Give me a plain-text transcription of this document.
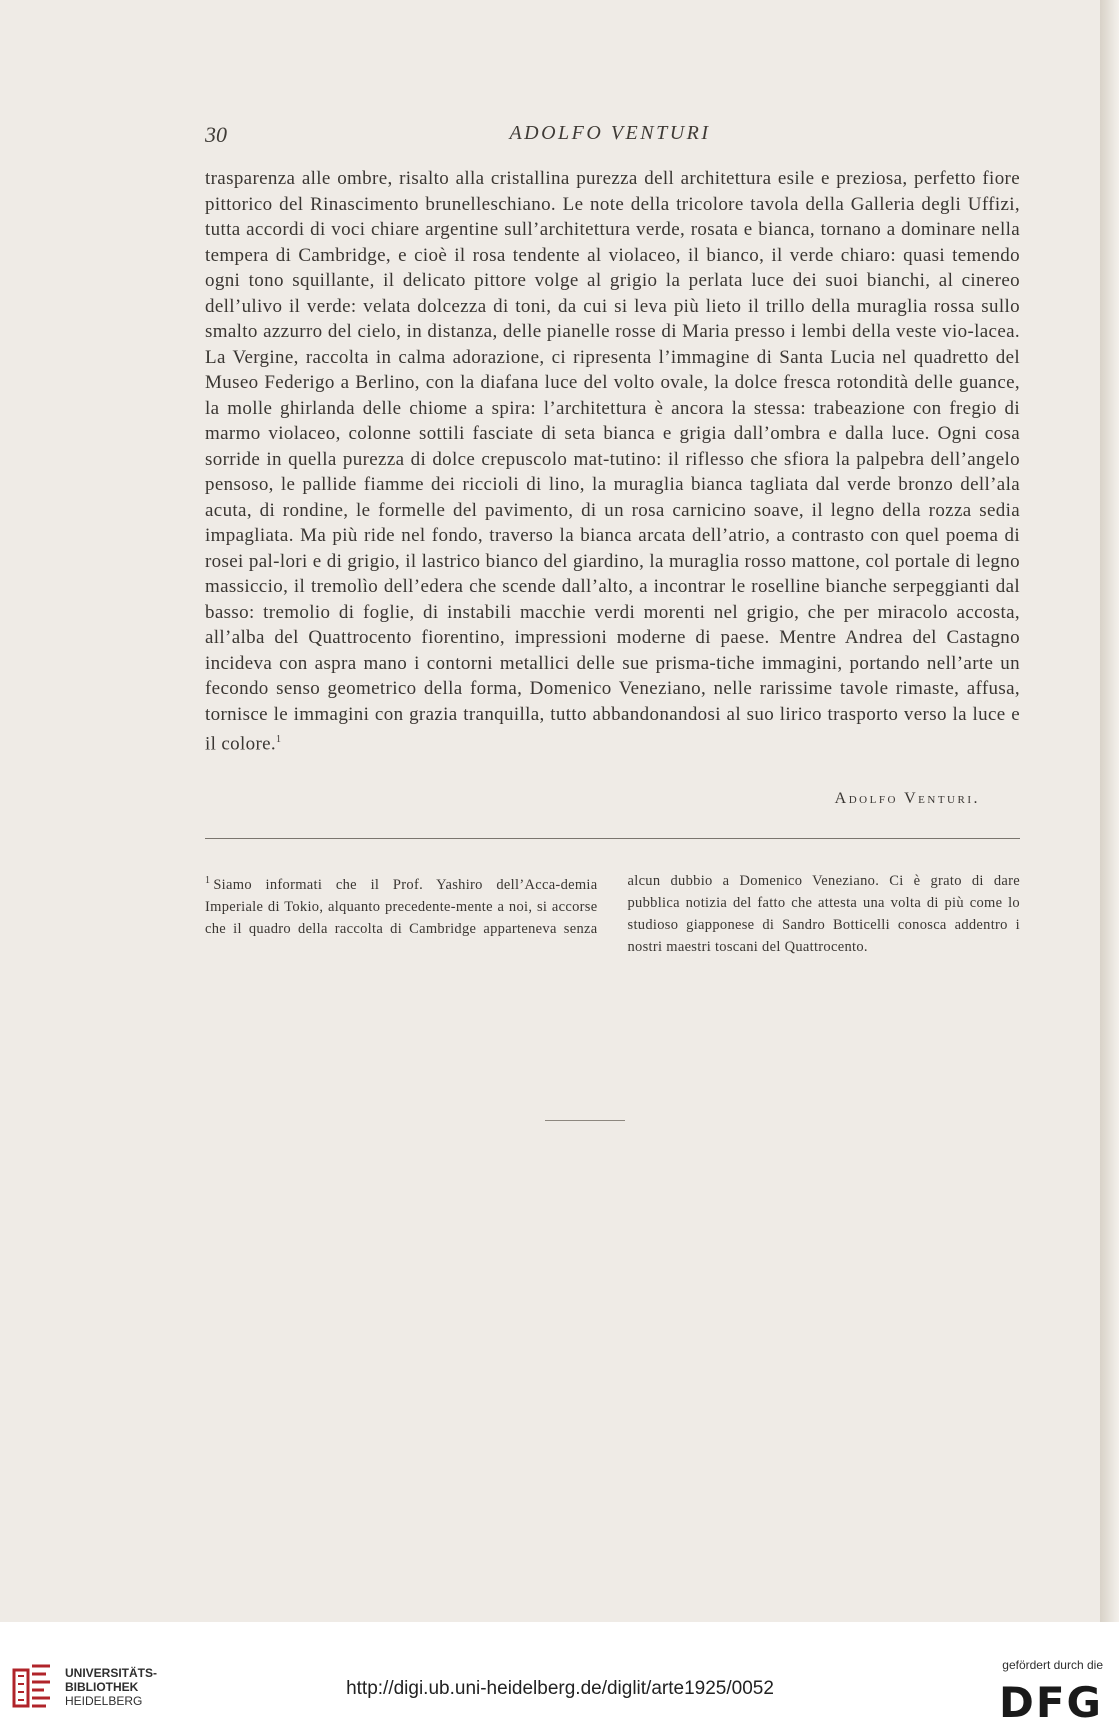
30	ADOLFO VENTURI

trasparenza alle ombre, risalto alla cristallina purezza dell architettura esile e preziosa, perfetto fiore pittorico del Rinascimento brunelleschiano. Le note della tricolore tavola della Galleria degli Uffizi, tutta accordi di voci chiare argentine sull’architettura verde, rosata e bianca, tornano a dominare nella tempera di Cambridge, e cioè il rosa tendente al violaceo, il bianco, il verde chiaro: quasi temendo ogni tono squillante, il delicato pittore volge al grigio la perlata luce dei suoi bianchi, al cinereo dell’ulivo il verde: velata dolcezza di toni, da cui si leva più lieto il trillo della muraglia rossa sullo smalto azzurro del cielo, in distanza, delle pianelle rosse di Maria presso i lembi della veste vio-lacea. La Vergine, raccolta in calma adorazione, ci ripresenta l’immagine di Santa Lucia nel quadretto del Museo Federigo a Berlino, con la diafana luce del volto ovale, la dolce fresca rotondità delle guance, la molle ghirlanda delle chiome a spira: l’architettura è ancora la stessa: trabeazione con fregio di marmo violaceo, colonne sottili fasciate di seta bianca e grigia dall’ombra e dalla luce. Ogni cosa sorride in quella purezza di dolce crepuscolo mat-tutino: il riflesso che sfiora la palpebra dell’angelo pensoso, le pallide fiamme dei riccioli di lino, la muraglia bianca tagliata dal verde bronzo dell’ala acuta, di rondine, le formelle del pavimento, di un rosa carnicino soave, il legno della rozza sedia impagliata. Ma più ride nel fondo, traverso la bianca arcata dell’atrio, a contrasto con quel poema di rosei pal-lori e di grigio, il lastrico bianco del giardino, la muraglia rosso mattone, col portale di legno massiccio, il tremolìo dell’edera che scende dall’alto, a incontrar le roselline bianche serpeggianti dal basso: tremolio di foglie, di instabili macchie verdi morenti nel grigio, che per miracolo accosta, all’alba del Quattrocento fiorentino, impressioni moderne di paese. Mentre Andrea del Castagno incideva con aspra mano i contorni metallici delle sue prisma-tiche immagini, portando nell’arte un fecondo senso geometrico della forma, Domenico Veneziano, nelle rarissime tavole rimaste, affusa, tornisce le immagini con grazia tranquilla, tutto abbandonandosi al suo lirico trasporto verso la luce e il colore.$^1$

Adolfo Venturi.

$^1$ Siamo informati che il Prof. Yashiro dell’Acca-demia Imperiale di Tokio, alquanto precedente-mente a noi, si accorse che il quadro della raccolta di Cambridge apparteneva senza alcun dubbio a Domenico Veneziano. Ci è grato di dare pubblica notizia del fatto che attesta una volta di più come lo studioso giapponese di Sandro Botticelli conosca addentro i nostri maestri toscani del Quattrocento.

UNIVERSITÄTS-
BIBLIOTHEK
HEIDELBERG
http://digi.ub.uni-heidelberg.de/diglit/arte1925/0052
gefördert durch die
DFG
